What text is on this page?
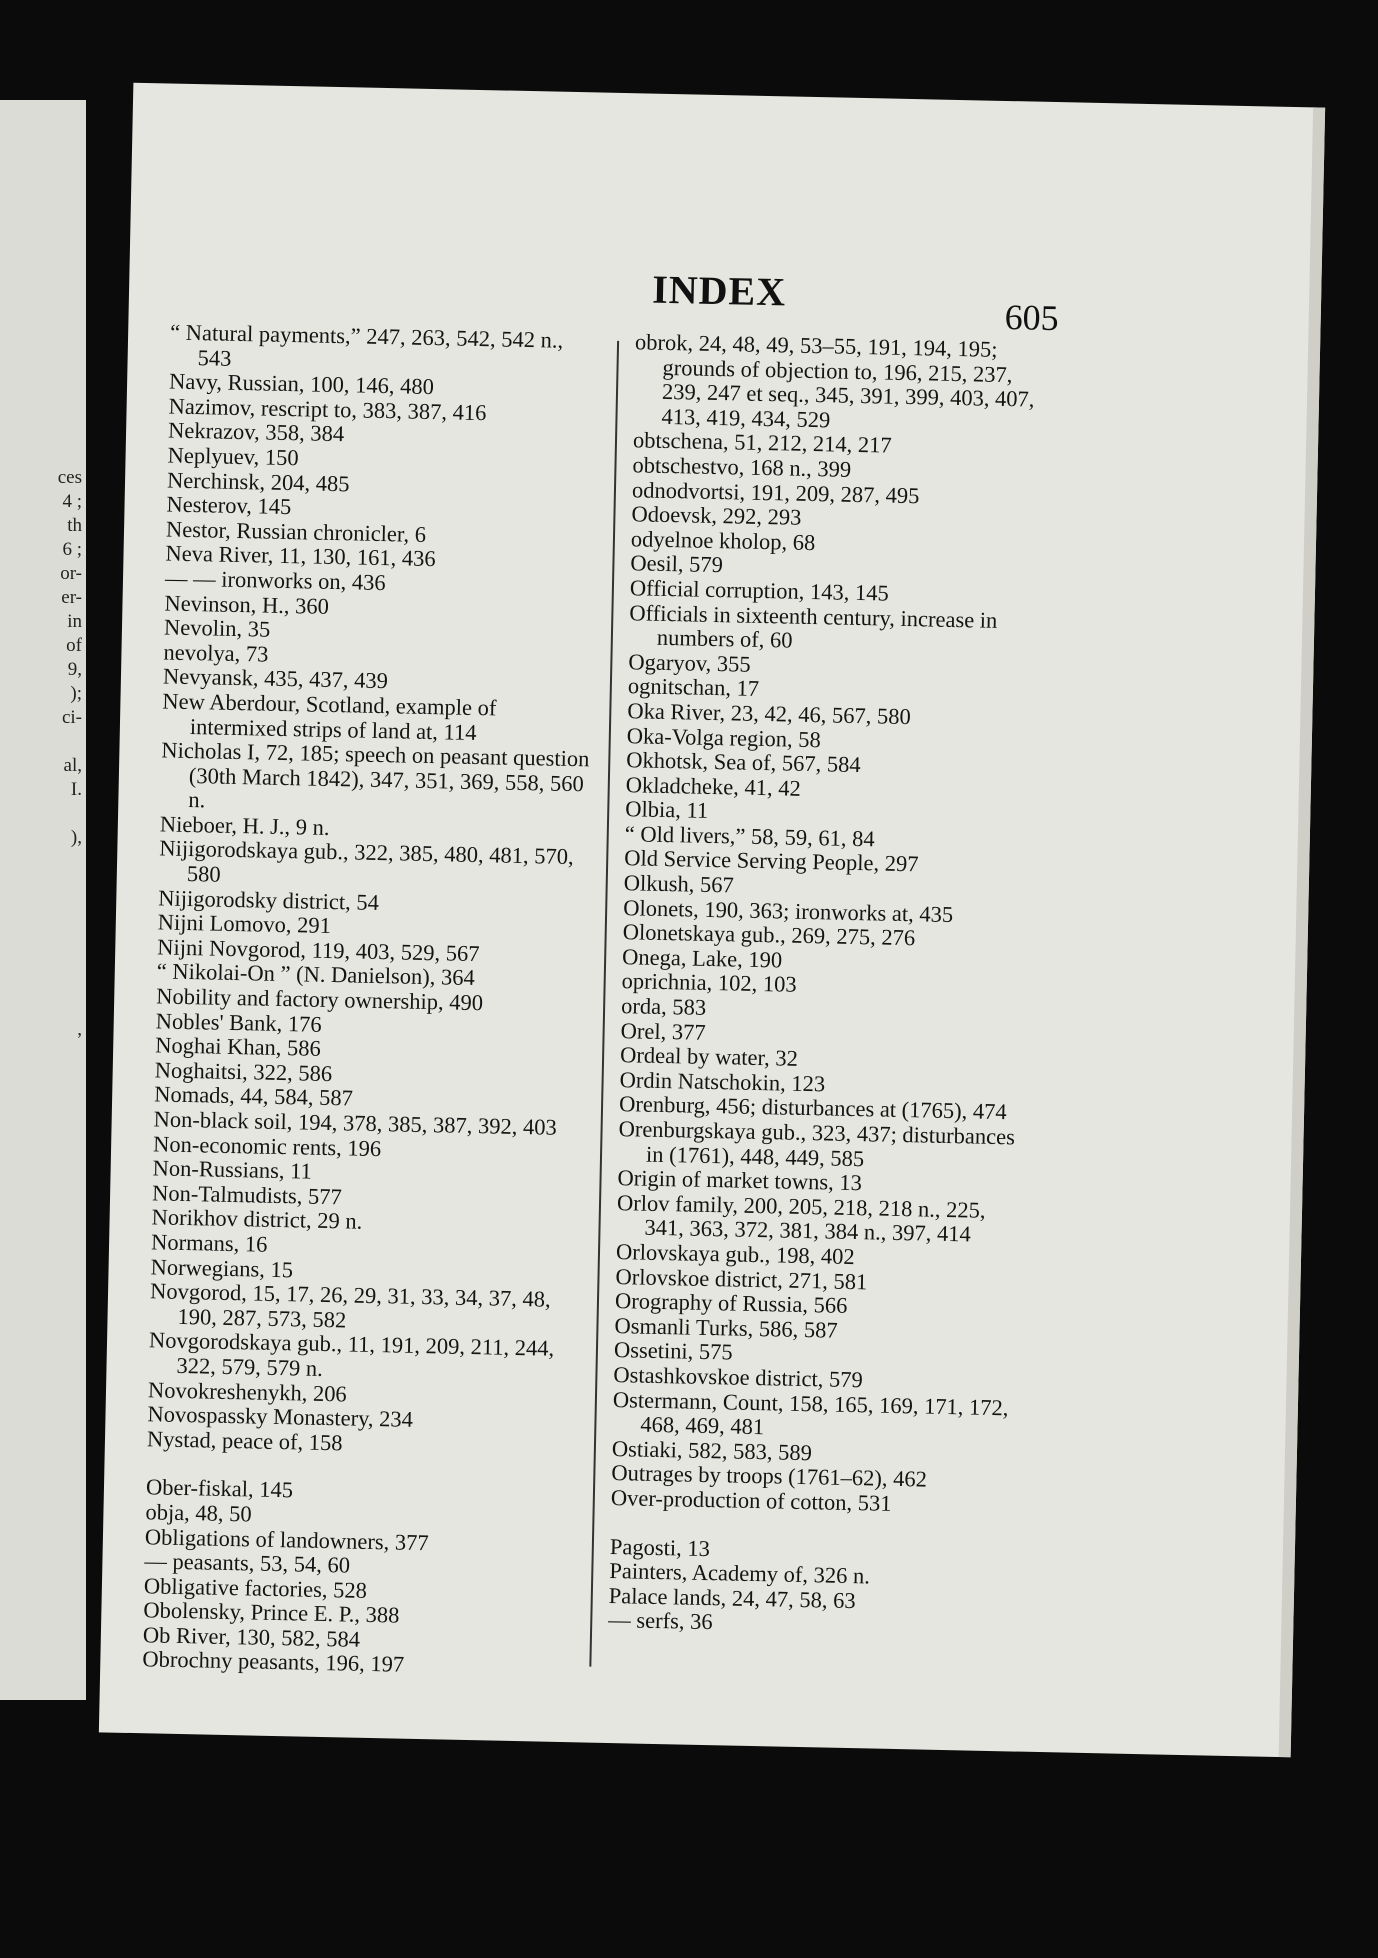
ces
4 ;
th
6 ;
or-
er-
in
of
9,
);
ci-
al,
I.
),
,
INDEX
605
“ Natural payments,” 247, 263, 542, 542 n., 543
Navy, Russian, 100, 146, 480
Nazimov, rescript to, 383, 387, 416
Nekrazov, 358, 384
Neplyuev, 150
Nerchinsk, 204, 485
Nesterov, 145
Nestor, Russian chronicler, 6
Neva River, 11, 130, 161, 436
— — ironworks on, 436
Nevinson, H., 360
Nevolin, 35
nevolya, 73
Nevyansk, 435, 437, 439
New Aberdour, Scotland, example of intermixed strips of land at, 114
Nicholas I, 72, 185; speech on peasant question (30th March 1842), 347, 351, 369, 558, 560 n.
Nieboer, H. J., 9 n.
Nijigorodskaya gub., 322, 385, 480, 481, 570, 580
Nijigorodsky district, 54
Nijni Lomovo, 291
Nijni Novgorod, 119, 403, 529, 567
“ Nikolai-On ” (N. Danielson), 364
Nobility and factory ownership, 490
Nobles' Bank, 176
Noghai Khan, 586
Noghaitsi, 322, 586
Nomads, 44, 584, 587
Non-black soil, 194, 378, 385, 387, 392, 403
Non-economic rents, 196
Non-Russians, 11
Non-Talmudists, 577
Norikhov district, 29 n.
Normans, 16
Norwegians, 15
Novgorod, 15, 17, 26, 29, 31, 33, 34, 37, 48, 190, 287, 573, 582
Novgorodskaya gub., 11, 191, 209, 211, 244, 322, 579, 579 n.
Novokreshenykh, 206
Novospassky Monastery, 234
Nystad, peace of, 158
Ober-fiskal, 145
obja, 48, 50
Obligations of landowners, 377
— peasants, 53, 54, 60
Obligative factories, 528
Obolensky, Prince E. P., 388
Ob River, 130, 582, 584
Obrochny peasants, 196, 197
obrok, 24, 48, 49, 53–55, 191, 194, 195; grounds of objection to, 196, 215, 237, 239, 247 et seq., 345, 391, 399, 403, 407, 413, 419, 434, 529
obtschena, 51, 212, 214, 217
obtschestvo, 168 n., 399
odnodvortsi, 191, 209, 287, 495
Odoevsk, 292, 293
odyelnoe kholop, 68
Oesil, 579
Official corruption, 143, 145
Officials in sixteenth century, increase in numbers of, 60
Ogaryov, 355
ognitschan, 17
Oka River, 23, 42, 46, 567, 580
Oka-Volga region, 58
Okhotsk, Sea of, 567, 584
Okladcheke, 41, 42
Olbia, 11
“ Old livers,” 58, 59, 61, 84
Old Service Serving People, 297
Olkush, 567
Olonets, 190, 363; ironworks at, 435
Olonetskaya gub., 269, 275, 276
Onega, Lake, 190
oprichnia, 102, 103
orda, 583
Orel, 377
Ordeal by water, 32
Ordin Natschokin, 123
Orenburg, 456; disturbances at (1765), 474
Orenburgskaya gub., 323, 437; disturbances in (1761), 448, 449, 585
Origin of market towns, 13
Orlov family, 200, 205, 218, 218 n., 225, 341, 363, 372, 381, 384 n., 397, 414
Orlovskaya gub., 198, 402
Orlovskoe district, 271, 581
Orography of Russia, 566
Osmanli Turks, 586, 587
Ossetini, 575
Ostashkovskoe district, 579
Ostermann, Count, 158, 165, 169, 171, 172, 468, 469, 481
Ostiaki, 582, 583, 589
Outrages by troops (1761–62), 462
Over-production of cotton, 531
Pagosti, 13
Painters, Academy of, 326 n.
Palace lands, 24, 47, 58, 63
— serfs, 36
